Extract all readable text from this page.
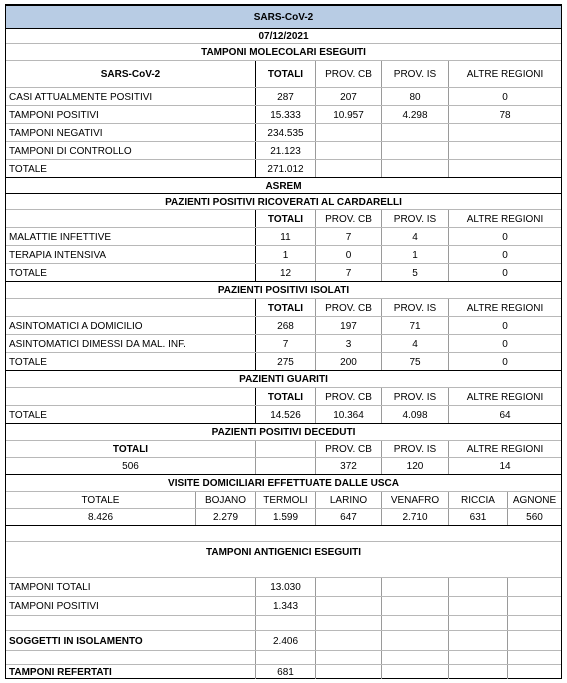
SARS-CoV-2
07/12/2021
TAMPONI MOLECOLARI ESEGUITI
SARS-CoV-2	TOTALI	PROV. CB	PROV. IS	ALTRE REGIONI
CASI ATTUALMENTE POSITIVI	287	207	80	0
TAMPONI POSITIVI	15.333	10.957	4.298	78
TAMPONI NEGATIVI	234.535
TAMPONI DI CONTROLLO	21.123
TOTALE	271.012
ASREM
PAZIENTI POSITIVI RICOVERATI AL CARDARELLI
TOTALI	PROV. CB	PROV. IS	ALTRE REGIONI
MALATTIE INFETTIVE	11	7	4	0
TERAPIA INTENSIVA	1	0	1	0
TOTALE	12	7	5	0
PAZIENTI POSITIVI ISOLATI
TOTALI	PROV. CB	PROV. IS	ALTRE REGIONI
ASINTOMATICI A DOMICILIO	268	197	71	0
ASINTOMATICI DIMESSI DA MAL. INF.	7	3	4	0
TOTALE	275	200	75	0
PAZIENTI GUARITI
TOTALI	PROV. CB	PROV. IS	ALTRE REGIONI
TOTALE	14.526	10.364	4.098	64
PAZIENTI POSITIVI DECEDUTI
TOTALI	PROV. CB	PROV. IS	ALTRE REGIONI
506	372	120	14
VISITE DOMICILIARI EFFETTUATE DALLE USCA
TOTALE	BOJANO	TERMOLI	LARINO	VENAFRO	RICCIA	AGNONE
8.426	2.279	1.599	647	2.710	631	560
TAMPONI ANTIGENICI ESEGUITI
TAMPONI TOTALI	13.030
TAMPONI POSITIVI	1.343
SOGGETTI IN ISOLAMENTO	2.406
TAMPONI REFERTATI	681
